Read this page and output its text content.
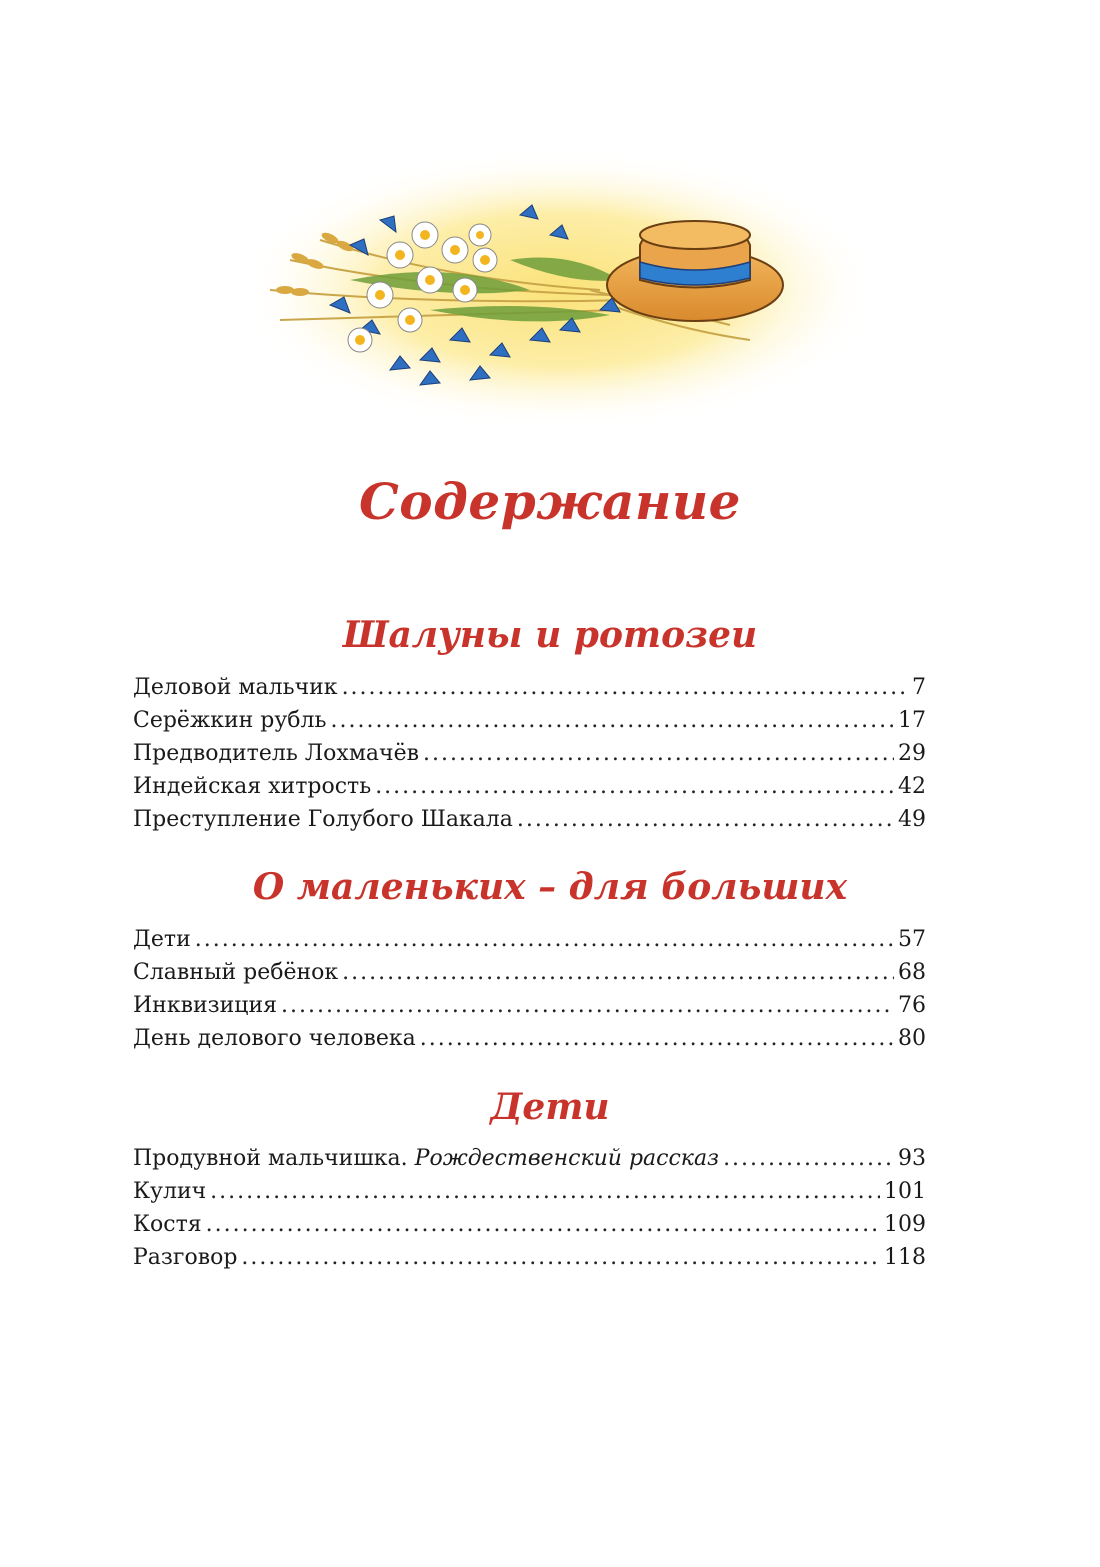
Содержание
Шалуны и ротозеи
Деловой мальчик .....	7
Серёжкин рубль .....	17
Предводитель Лохмачёв .....	29
Индейская хитрость .....	42
Преступление Голубого Шакала .....	49
О маленьких – для больших
Дети .....	57
Славный ребёнок .....	68
Инквизиция .....	76
День делового человека .....	80
Дети
Продувной мальчишка. Рождественский рассказ .....	93
Кулич .....	101
Костя .....	109
Разговор .....	118
